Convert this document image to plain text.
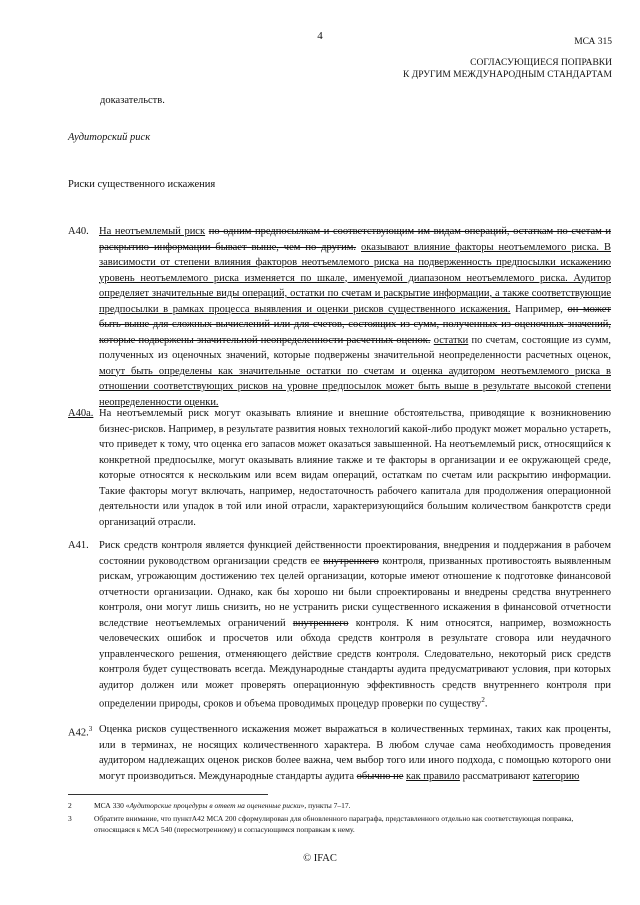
4	МСА 315
СОГЛАСУЮЩИЕСЯ ПОПРАВКИ
К ДРУГИМ МЕЖДУНАРОДНЫМ СТАНДАРТАМ
доказательств.
Аудиторский риск
Риски существенного искажения
A40. На неотъемлемый риск по одним предпосылкам и соответствующим им видам операций, остаткам по счетам и раскрытию информации бывает выше, чем по другим. оказывают влияние факторы неотъемлемого риска. В зависимости от степени влияния факторов неотъемлемого риска на подверженность предпосылки искажению уровень неотъемлемого риска изменяется по шкале, именуемой диапазоном неотъемлемого риска. Аудитор определяет значительные виды операций, остатки по счетам и раскрытие информации, а также соответствующие предпосылки в рамках процесса выявления и оценки рисков существенного искажения. Например, он может быть выше для сложных вычислений или для счетов, состоящих из сумм, полученных из оценочных значений, которые подвержены значительной неопределенности расчетных оценок. остатки по счетам, состоящие из сумм, полученных из оценочных значений, которые подвержены значительной неопределенности расчетных оценок, могут быть определены как значительные остатки по счетам и оценка аудитором неотъемлемого риска в отношении соответствующих рисков на уровне предпосылок может быть выше в результате высокой степени неопределенности оценки.
A40a. На неотъемлемый риск могут оказывать влияние и внешние обстоятельства, приводящие к возникновению бизнес-рисков. Например, в результате развития новых технологий какой-либо продукт может морально устареть, что приведет к тому, что оценка его запасов может оказаться завышенной. На неотъемлемый риск, относящийся к конкретной предпосылке, могут оказывать влияние также и те факторы в организации и ее окружающей среде, которые относятся к нескольким или всем видам операций, остаткам по счетам или раскрытию информации. Такие факторы могут включать, например, недостаточность рабочего капитала для продолжения операционной деятельности или упадок в той или иной отрасли, характеризующийся большим количеством банкротств среди организаций отрасли.
A41. Риск средств контроля является функцией действенности проектирования, внедрения и поддержания в рабочем состоянии руководством организации средств ее внутреннего контроля, призванных противостоять выявленным рискам, угрожающим достижению тех целей организации, которые имеют отношение к подготовке финансовой отчетности организации. Однако, как бы хорошо ни были спроектированы и внедрены средства внутреннего контроля, они могут лишь снизить, но не устранить риски существенного искажения в финансовой отчетности вследствие неотъемлемых ограничений внутреннего контроля. К ним относятся, например, возможность человеческих ошибок и просчетов или обхода средств контроля в результате сговора или неудачного управленческого решения, отменяющего действие средств контроля. Следовательно, некоторый риск средств контроля будет существовать всегда. Международные стандарты аудита предусматривают условия, при которых аудитор должен или может проверять операционную эффективность средств внутреннего контроля при определении природы, сроков и объема проводимых процедур проверки по существу$^2$.
A42.$^3$ Оценка рисков существенного искажения может выражаться в количественных терминах, таких как проценты, или в терминах, не носящих количественного характера. В любом случае сама необходимость проведения аудитором надлежащих оценок рисков более важна, чем выбор того или иного подхода, с помощью которого они могут производиться. Международные стандарты аудита обычно не как правило рассматривают категорию
2	МСА 330 «Аудиторские процедуры в ответ на оцененные риски», пункты 7–17.
3	Обратите внимание, что пунктA42 МСА 200 сформулирован для обновленного параграфа, представленного отдельно как соответствующая поправка, относящаяся к МСА 540 (пересмотренному) и согласующимся поправкам к нему.
© IFAC
